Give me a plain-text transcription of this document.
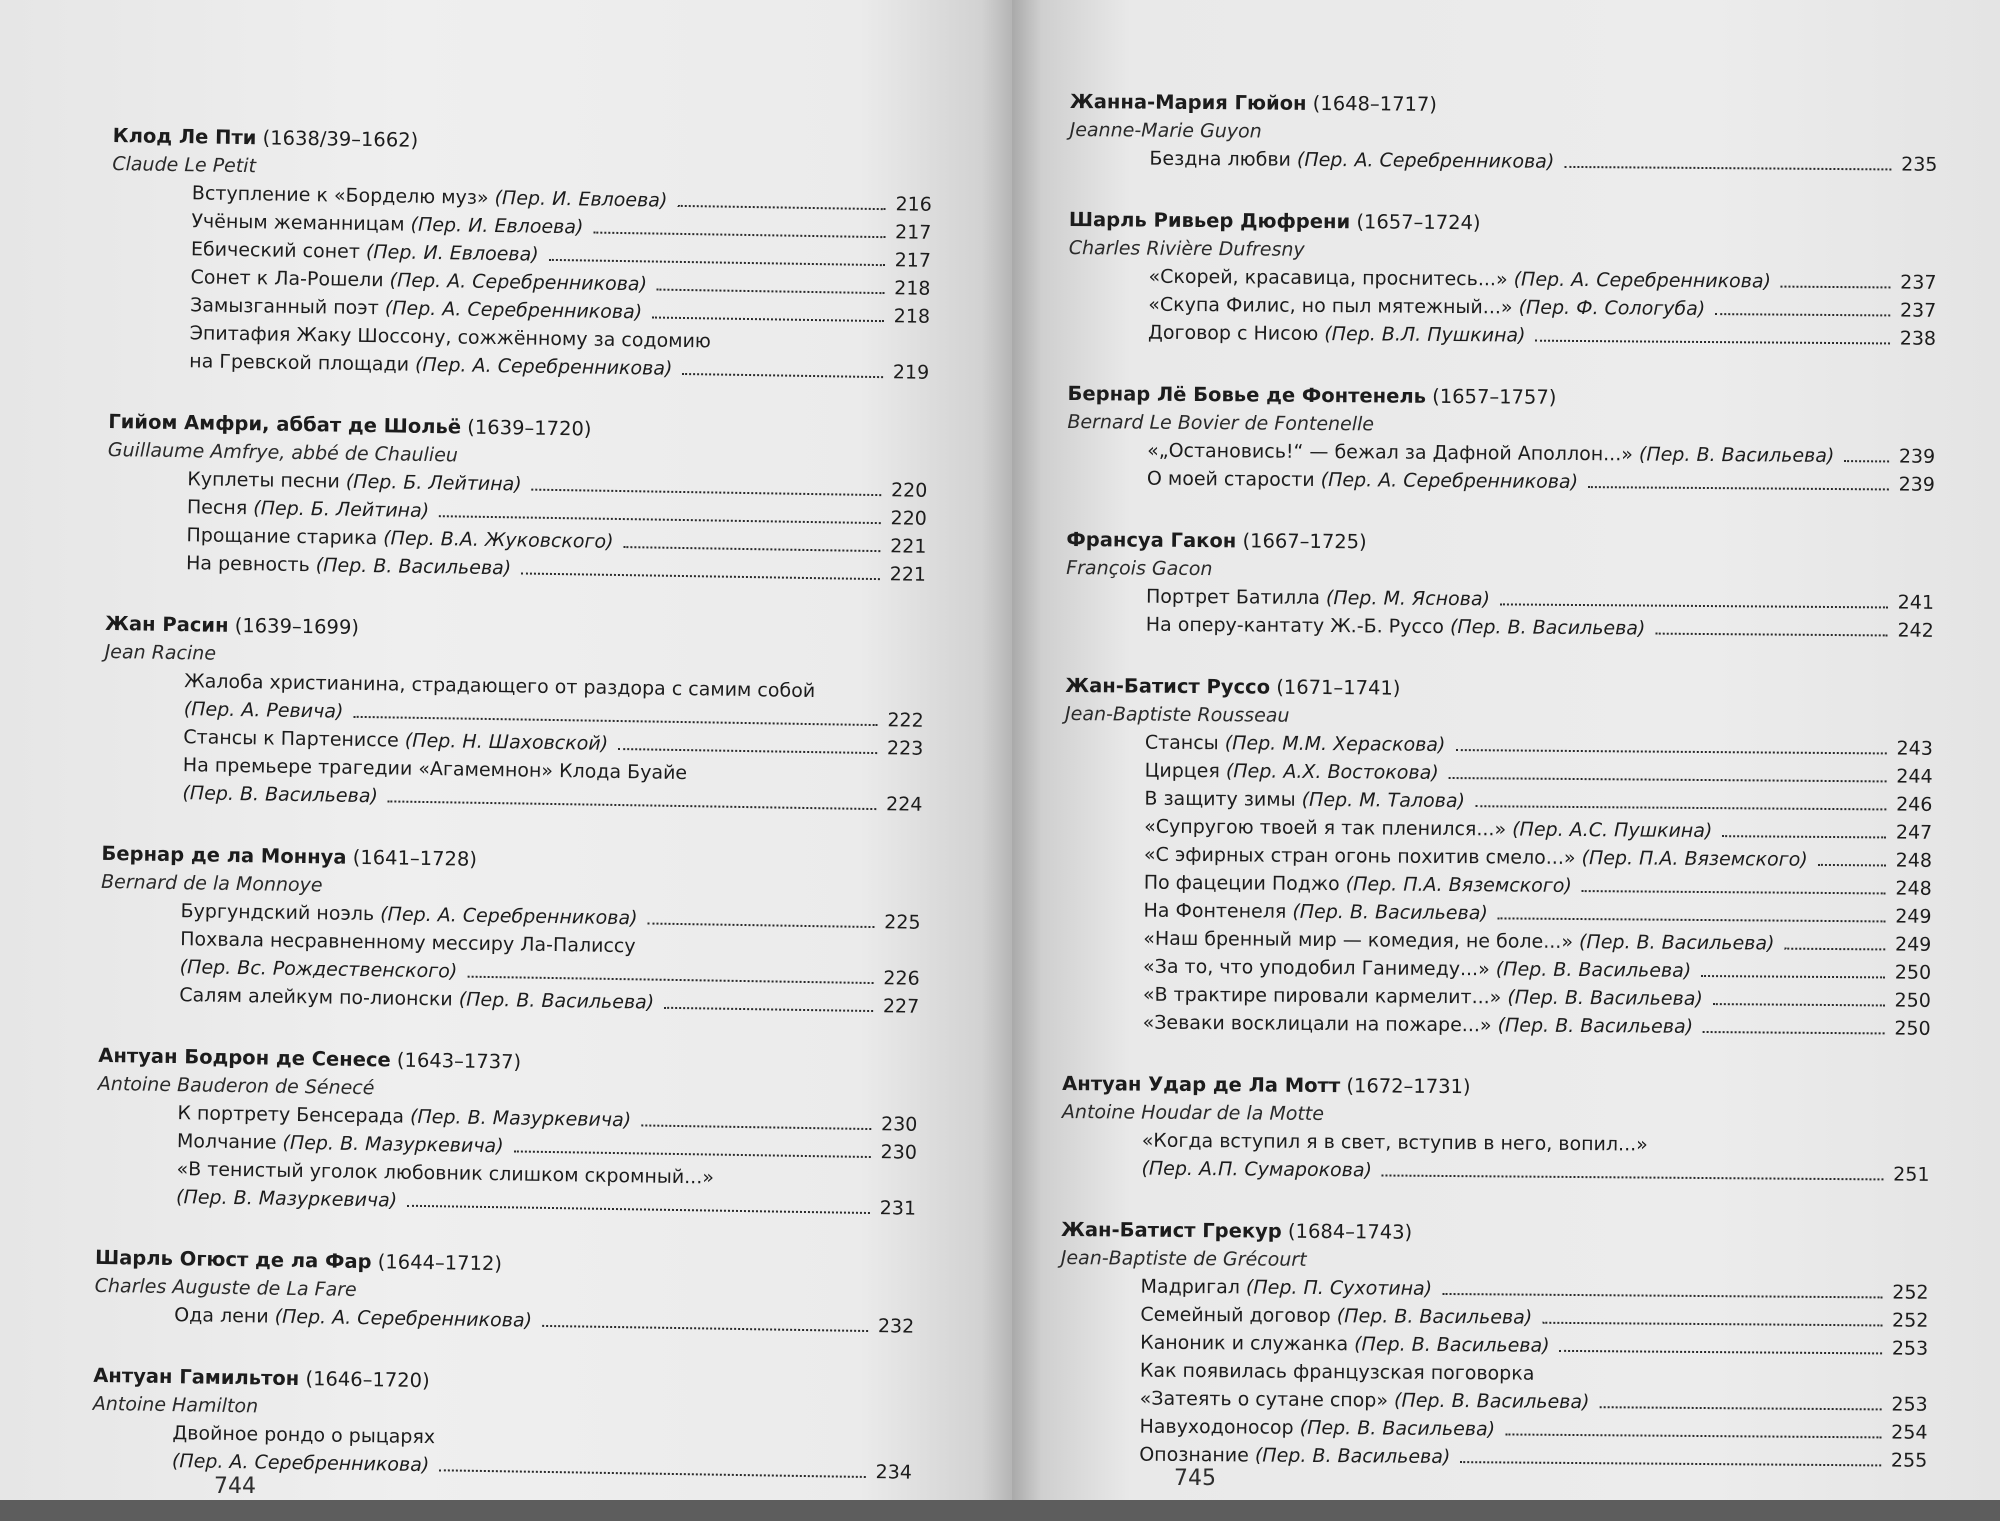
Клод Ле Пти (1638/39–1662)
Claude Le Petit
Вступление к «Борделю муз» (Пер. И. Евлоева)	216
Учёным жеманницам (Пер. И. Евлоева)	217
Ебический сонет (Пер. И. Евлоева)	217
Сонет к Ла-Рошели (Пер. А. Серебренникова)	218
Замызганный поэт (Пер. А. Серебренникова)	218
Эпитафия Жаку Шоссону, сожжённому за содомию
на Гревской площади (Пер. А. Серебренникова)	219
Гийом Амфри, аббат де Шольё (1639–1720)
Guillaume Amfrye, abbé de Chaulieu
Куплеты песни (Пер. Б. Лейтина)	220
Песня (Пер. Б. Лейтина)	220
Прощание старика (Пер. В.А. Жуковского)	221
На ревность (Пер. В. Васильева)	221
Жан Расин (1639–1699)
Jean Racine
Жалоба христианина, страдающего от раздора с самим собой
(Пер. А. Ревича)	222
Стансы к Партениссе (Пер. Н. Шаховской)	223
На премьере трагедии «Агамемнон» Клода Буайе
(Пер. В. Васильева)	224
Бернар де ла Моннуа (1641–1728)
Bernard de la Monnoye
Бургундский ноэль (Пер. А. Серебренникова)	225
Похвала несравненному мессиру Ла-Палиссу
(Пер. Вс. Рождественского)	226
Салям алейкум по-лионски (Пер. В. Васильева)	227
Антуан Бодрон де Сенесе (1643–1737)
Antoine Bauderon de Sénecé
К портрету Бенсерада (Пер. В. Мазуркевича)	230
Молчание (Пер. В. Мазуркевича)	230
«В тенистый уголок любовник слишком скромный...»
(Пер. В. Мазуркевича)	231
Шарль Огюст де ла Фар (1644–1712)
Charles Auguste de La Fare
Ода лени (Пер. А. Серебренникова)	232
Антуан Гамильтон (1646–1720)
Antoine Hamilton
Двойное рондо о рыцарях
(Пер. А. Серебренникова)	234
744
Жанна-Мария Гюйон (1648–1717)
Jeanne-Marie Guyon
Бездна любви (Пер. А. Серебренникова)	235
Шарль Ривьер Дюфрени (1657–1724)
Charles Rivière Dufresny
«Скорей, красавица, проснитесь...» (Пер. А. Серебренникова)	237
«Скупа Филис, но пыл мятежный...» (Пер. Ф. Сологуба)	237
Договор с Нисою (Пер. В.Л. Пушкина)	238
Бернар Лё Бовье де Фонтенель (1657–1757)
Bernard Le Bovier de Fontenelle
«„Остановись!“ — бежал за Дафной Аполлон...» (Пер. В. Васильева)	239
О моей старости (Пер. А. Серебренникова)	239
Франсуа Гакон (1667–1725)
François Gacon
Портрет Батилла (Пер. М. Яснова)	241
На оперу-кантату Ж.-Б. Руссо (Пер. В. Васильева)	242
Жан-Батист Руссо (1671–1741)
Jean-Baptiste Rousseau
Стансы (Пер. М.М. Хераскова)	243
Цирцея (Пер. А.Х. Востокова)	244
В защиту зимы (Пер. М. Талова)	246
«Супругою твоей я так пленился...» (Пер. А.С. Пушкина)	247
«С эфирных стран огонь похитив смело...» (Пер. П.А. Вяземского)	248
По фацеции Поджо (Пер. П.А. Вяземского)	248
На Фонтенеля (Пер. В. Васильева)	249
«Наш бренный мир — комедия, не боле...» (Пер. В. Васильева)	249
«За то, что уподобил Ганимеду...» (Пер. В. Васильева)	250
«В трактире пировали кармелит...» (Пер. В. Васильева)	250
«Зеваки восклицали на пожаре...» (Пер. В. Васильева)	250
Антуан Удар де Ла Мотт (1672–1731)
Antoine Houdar de la Motte
«Когда вступил я в свет, вступив в него, вопил...»
(Пер. А.П. Сумарокова)	251
Жан-Батист Грекур (1684–1743)
Jean-Baptiste de Grécourt
Мадригал (Пер. П. Сухотина)	252
Семейный договор (Пер. В. Васильева)	252
Каноник и служанка (Пер. В. Васильева)	253
Как появилась французская поговорка
«Затеять о сутане спор» (Пер. В. Васильева)	253
Навуходоносор (Пер. В. Васильева)	254
Опознание (Пер. В. Васильева)	255
745
